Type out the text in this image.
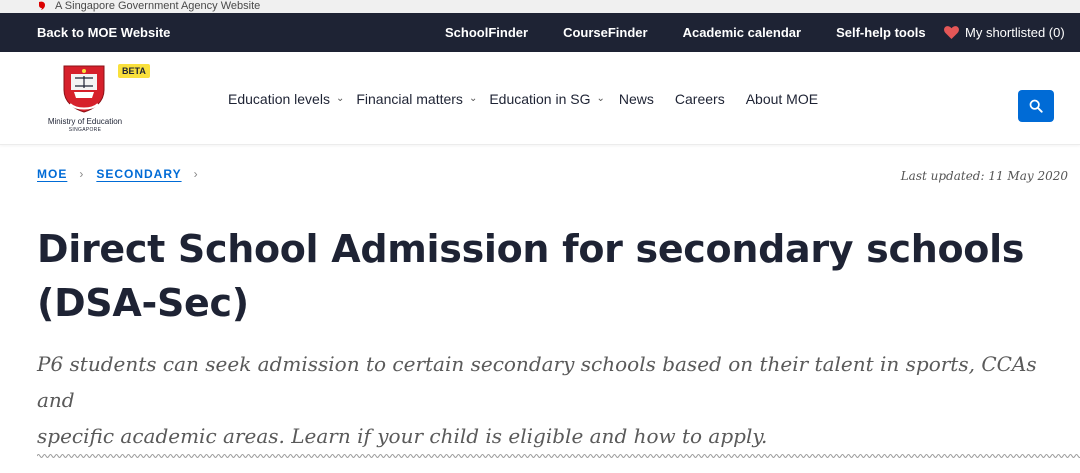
A Singapore Government Agency Website
Back to MOE Website	SchoolFinder	CourseFinder	Academic calendar	Self-help tools	My shortlisted (0)
BETA
Ministry of Education
SINGAPORE
Education levels ⌄ Financial matters ⌄ Education in SG ⌄ News Careers About MOE
MOE › SECONDARY ›	Last updated: 11 May 2020
Direct School Admission for secondary schools
(DSA-Sec)

P6 students can seek admission to certain secondary schools based on their talent in sports, CCAs and
specific academic areas. Learn if your child is eligible and how to apply.
